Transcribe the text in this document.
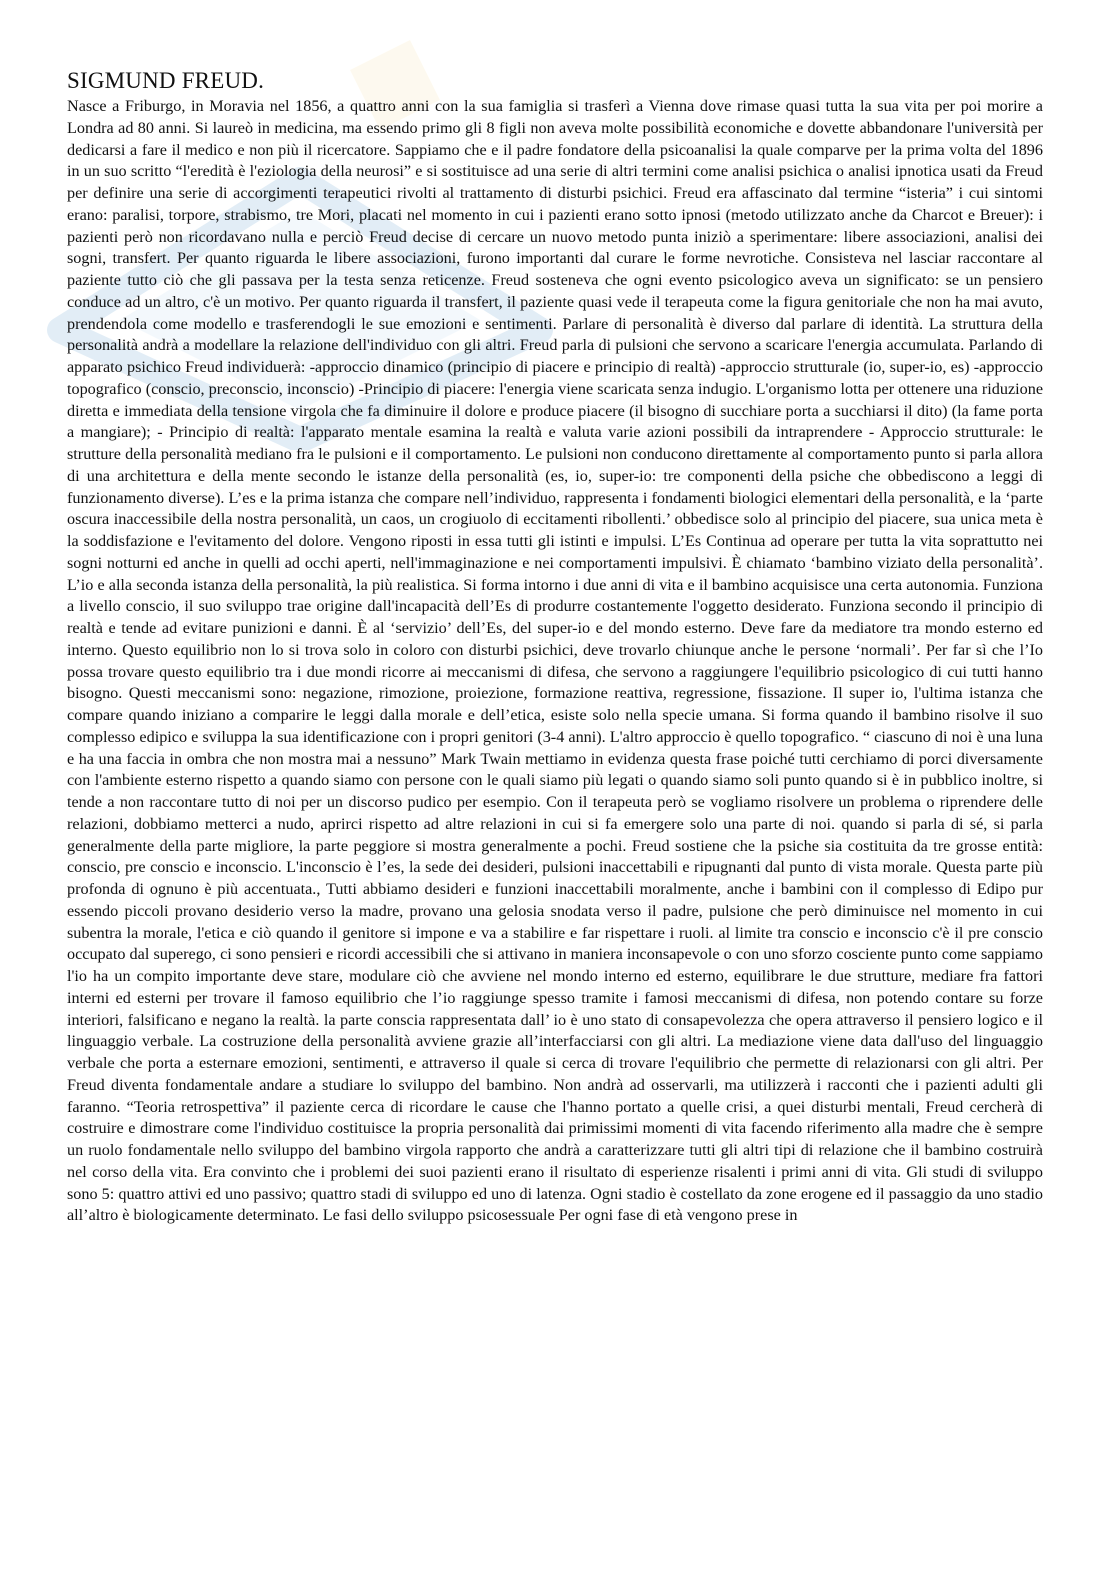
SIGMUND FREUD.

Nasce a Friburgo, in Moravia nel 1856, a quattro anni con la sua famiglia si trasferì a Vienna dove rimase quasi tutta la sua vita per poi morire a Londra ad 80 anni. Si laureò in medicina, ma essendo primo gli 8 figli non aveva molte possibilità economiche e dovette abbandonare l'università per dedicarsi a fare il medico e non più il ricercatore. Sappiamo che e il padre fondatore della psicoanalisi la quale comparve per la prima volta del 1896 in un suo scritto “l'eredità è l'eziologia della neurosi” e si sostituisce ad una serie di altri termini come analisi psichica o analisi ipnotica usati da Freud per definire una serie di accorgimenti terapeutici rivolti al trattamento di disturbi psichici. Freud era affascinato dal termine “isteria” i cui sintomi erano: paralisi, torpore, strabismo, tre Mori, placati nel momento in cui i pazienti erano sotto ipnosi (metodo utilizzato anche da Charcot e Breuer): i pazienti però non ricordavano nulla e perciò Freud decise di cercare un nuovo metodo punta iniziò a sperimentare: libere associazioni, analisi dei sogni, transfert. Per quanto riguarda le libere associazioni, furono importanti dal curare le forme nevrotiche. Consisteva nel lasciar raccontare al paziente tutto ciò che gli passava per la testa senza reticenze. Freud sosteneva che ogni evento psicologico aveva un significato: se un pensiero conduce ad un altro, c'è un motivo. Per quanto riguarda il transfert, il paziente quasi vede il terapeuta come la figura genitoriale che non ha mai avuto, prendendola come modello e trasferendogli le sue emozioni e sentimenti. Parlare di personalità è diverso dal parlare di identità. La struttura della personalità andrà a modellare la relazione dell'individuo con gli altri. Freud parla di pulsioni che servono a scaricare l'energia accumulata. Parlando di apparato psichico Freud individuerà: -approccio dinamico (principio di piacere e principio di realtà) -approccio strutturale (io, super-io, es) -approccio topografico (conscio, preconscio, inconscio) -Principio di piacere: l'energia viene scaricata senza indugio. L'organismo lotta per ottenere una riduzione diretta e immediata della tensione virgola che fa diminuire il dolore e produce piacere (il bisogno di succhiare porta a succhiarsi il dito) (la fame porta a mangiare); - Principio di realtà: l'apparato mentale esamina la realtà e valuta varie azioni possibili da intraprendere - Approccio strutturale: le strutture della personalità mediano fra le pulsioni e il comportamento. Le pulsioni non conducono direttamente al comportamento punto si parla allora di una architettura e della mente secondo le istanze della personalità (es, io, super-io: tre componenti della psiche che obbediscono a leggi di funzionamento diverse). L’es e la prima istanza che compare nell’individuo, rappresenta i fondamenti biologici elementari della personalità, e la ‘parte oscura inaccessibile della nostra personalità, un caos, un crogiuolo di eccitamenti ribollenti.’ obbedisce solo al principio del piacere, sua unica meta è la soddisfazione e l'evitamento del dolore. Vengono riposti in essa tutti gli istinti e impulsi. L’Es Continua ad operare per tutta la vita soprattutto nei sogni notturni ed anche in quelli ad occhi aperti, nell'immaginazione e nei comportamenti impulsivi. È chiamato ‘bambino viziato della personalità’. L’io e alla seconda istanza della personalità, la più realistica. Si forma intorno i due anni di vita e il bambino acquisisce una certa autonomia. Funziona a livello conscio, il suo sviluppo trae origine dall'incapacità dell’Es di produrre costantemente l'oggetto desiderato. Funziona secondo il principio di realtà e tende ad evitare punizioni e danni. È al ‘servizio’ dell’Es, del super-io e del mondo esterno. Deve fare da mediatore tra mondo esterno ed interno. Questo equilibrio non lo si trova solo in coloro con disturbi psichici, deve trovarlo chiunque anche le persone ‘normali’. Per far sì che l’Io possa trovare questo equilibrio tra i due mondi ricorre ai meccanismi di difesa, che servono a raggiungere l'equilibrio psicologico di cui tutti hanno bisogno. Questi meccanismi sono: negazione, rimozione, proiezione, formazione reattiva, regressione, fissazione. Il super io, l'ultima istanza che compare quando iniziano a comparire le leggi dalla morale e dell’etica, esiste solo nella specie umana. Si forma quando il bambino risolve il suo complesso edipico e sviluppa la sua identificazione con i propri genitori (3-4 anni). L'altro approccio è quello topografico. “ ciascuno di noi è una luna e ha una faccia in ombra che non mostra mai a nessuno” Mark Twain mettiamo in evidenza questa frase poiché tutti cerchiamo di porci diversamente con l'ambiente esterno rispetto a quando siamo con persone con le quali siamo più legati o quando siamo soli punto quando si è in pubblico inoltre, si tende a non raccontare tutto di noi per un discorso pudico per esempio. Con il terapeuta però se vogliamo risolvere un problema o riprendere delle relazioni, dobbiamo metterci a nudo, aprirci rispetto ad altre relazioni in cui si fa emergere solo una parte di noi. quando si parla di sé, si parla generalmente della parte migliore, la parte peggiore si mostra generalmente a pochi. Freud sostiene che la psiche sia costituita da tre grosse entità: conscio, pre conscio e inconscio. L'inconscio è l’es, la sede dei desideri, pulsioni inaccettabili e ripugnanti dal punto di vista morale. Questa parte più profonda di ognuno è più accentuata., Tutti abbiamo desideri e funzioni inaccettabili moralmente, anche i bambini con il complesso di Edipo pur essendo piccoli provano desiderio verso la madre, provano una gelosia snodata verso il padre, pulsione che però diminuisce nel momento in cui subentra la morale, l'etica e ciò quando il genitore si impone e va a stabilire e far rispettare i ruoli. al limite tra conscio e inconscio c'è il pre conscio occupato dal superego, ci sono pensieri e ricordi accessibili che si attivano in maniera inconsapevole o con uno sforzo cosciente punto come sappiamo l'io ha un compito importante deve stare, modulare ciò che avviene nel mondo interno ed esterno, equilibrare le due strutture, mediare fra fattori interni ed esterni per trovare il famoso equilibrio che l’io raggiunge spesso tramite i famosi meccanismi di difesa, non potendo contare su forze interiori, falsificano e negano la realtà. la parte conscia rappresentata dall’ io è uno stato di consapevolezza che opera attraverso il pensiero logico e il linguaggio verbale. La costruzione della personalità avviene grazie all’interfacciarsi con gli altri. La mediazione viene data dall'uso del linguaggio verbale che porta a esternare emozioni, sentimenti, e attraverso il quale si cerca di trovare l'equilibrio che permette di relazionarsi con gli altri. Per Freud diventa fondamentale andare a studiare lo sviluppo del bambino. Non andrà ad osservarli, ma utilizzerà i racconti che i pazienti adulti gli faranno. “Teoria retrospettiva” il paziente cerca di ricordare le cause che l'hanno portato a quelle crisi, a quei disturbi mentali, Freud cercherà di costruire e dimostrare come l'individuo costituisce la propria personalità dai primissimi momenti di vita facendo riferimento alla madre che è sempre un ruolo fondamentale nello sviluppo del bambino virgola rapporto che andrà a caratterizzare tutti gli altri tipi di relazione che il bambino costruirà nel corso della vita. Era convinto che i problemi dei suoi pazienti erano il risultato di esperienze risalenti i primi anni di vita. Gli studi di sviluppo sono 5: quattro attivi ed uno passivo; quattro stadi di sviluppo ed uno di latenza. Ogni stadio è costellato da zone erogene ed il passaggio da uno stadio all’altro è biologicamente determinato. Le fasi dello sviluppo psicosessuale Per ogni fase di età vengono prese in
